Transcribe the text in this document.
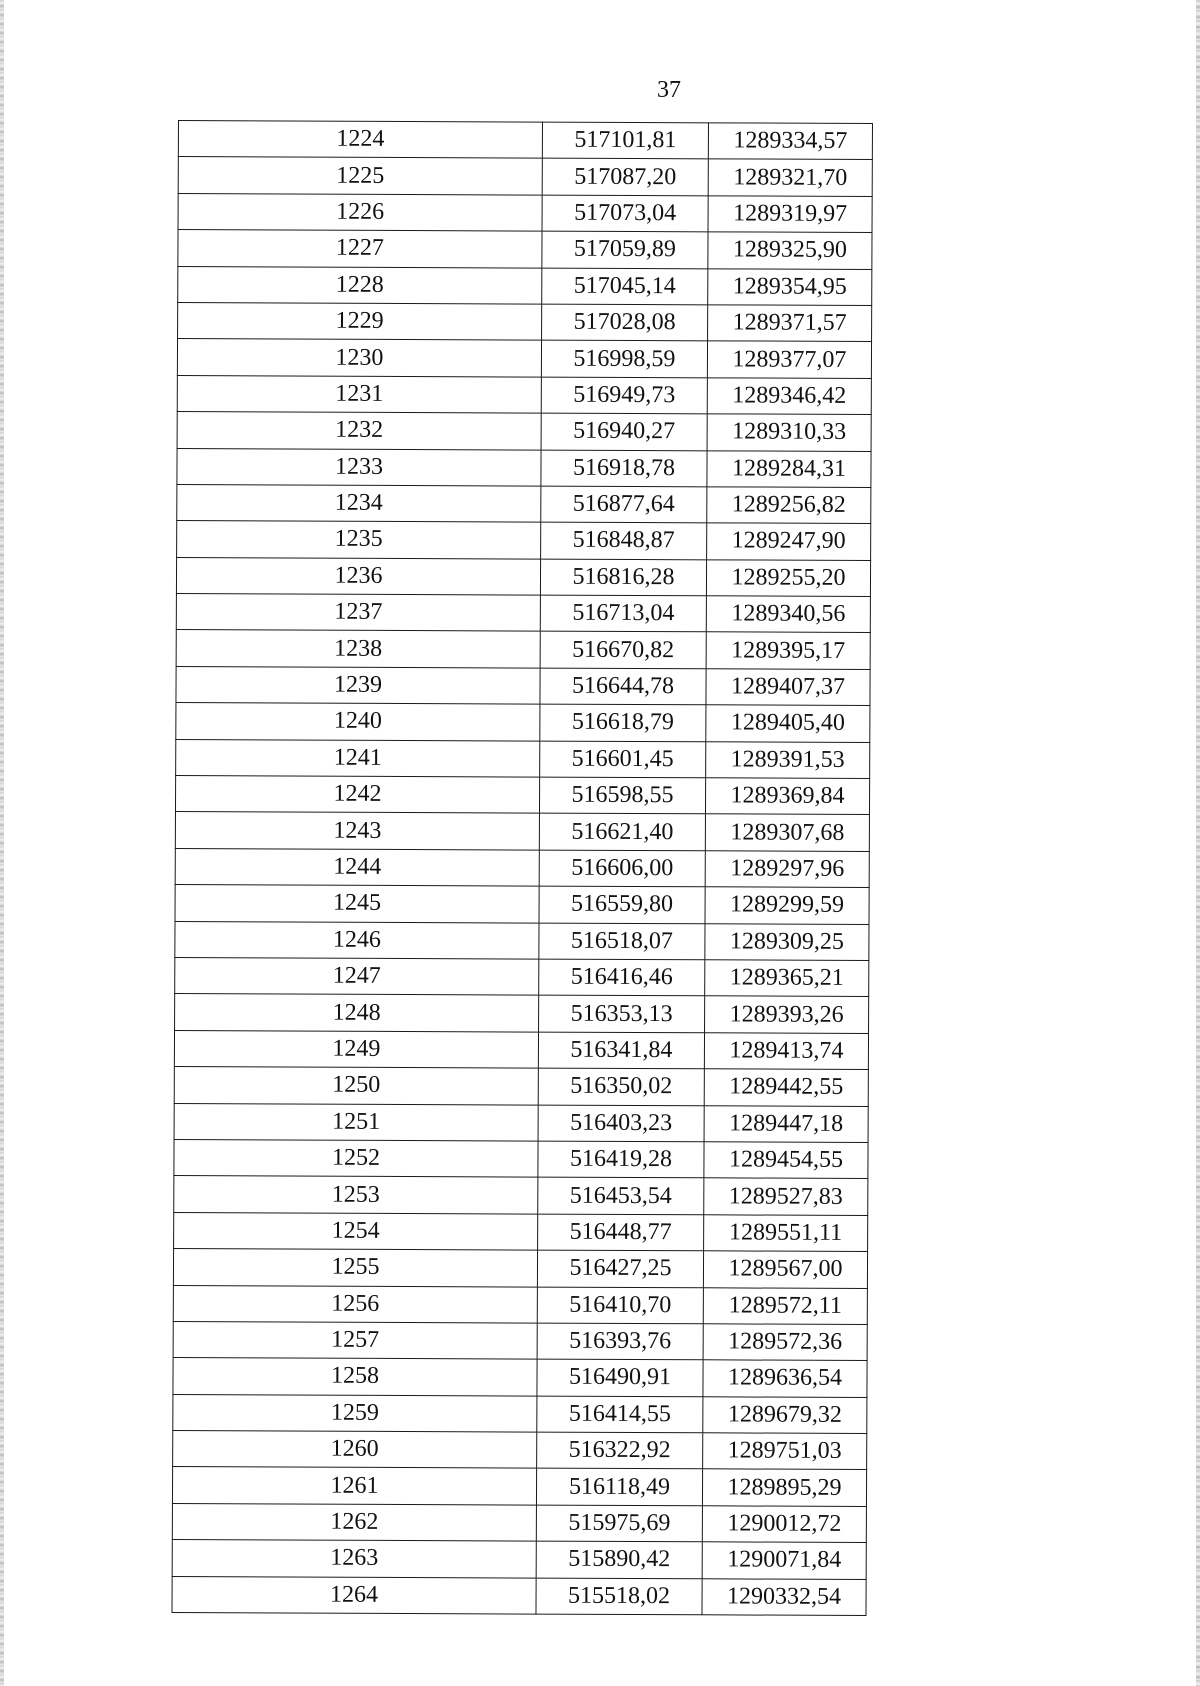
37
1224	517101,81	1289334,57
1225	517087,20	1289321,70
1226	517073,04	1289319,97
1227	517059,89	1289325,90
1228	517045,14	1289354,95
1229	517028,08	1289371,57
1230	516998,59	1289377,07
1231	516949,73	1289346,42
1232	516940,27	1289310,33
1233	516918,78	1289284,31
1234	516877,64	1289256,82
1235	516848,87	1289247,90
1236	516816,28	1289255,20
1237	516713,04	1289340,56
1238	516670,82	1289395,17
1239	516644,78	1289407,37
1240	516618,79	1289405,40
1241	516601,45	1289391,53
1242	516598,55	1289369,84
1243	516621,40	1289307,68
1244	516606,00	1289297,96
1245	516559,80	1289299,59
1246	516518,07	1289309,25
1247	516416,46	1289365,21
1248	516353,13	1289393,26
1249	516341,84	1289413,74
1250	516350,02	1289442,55
1251	516403,23	1289447,18
1252	516419,28	1289454,55
1253	516453,54	1289527,83
1254	516448,77	1289551,11
1255	516427,25	1289567,00
1256	516410,70	1289572,11
1257	516393,76	1289572,36
1258	516490,91	1289636,54
1259	516414,55	1289679,32
1260	516322,92	1289751,03
1261	516118,49	1289895,29
1262	515975,69	1290012,72
1263	515890,42	1290071,84
1264	515518,02	1290332,54
